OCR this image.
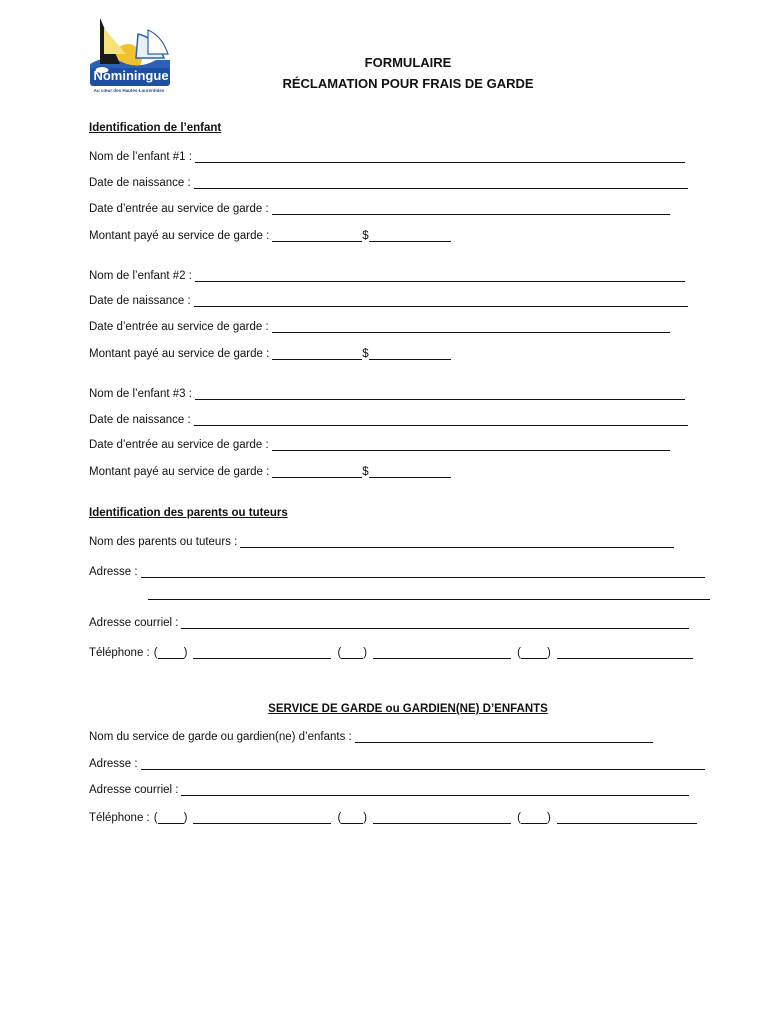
Nominingue
Au cœur des Hautes-Laurentides
FORMULAIRE
RÉCLAMATION POUR FRAIS DE GARDE
Identification de l’enfant
Nom de l’enfant #1 :
Date de naissance :
Date d’entrée au service de garde :
Montant payé au service de garde :	$
Nom de l’enfant #2 :
Date de naissance :
Date d’entrée au service de garde :
Montant payé au service de garde :	$
Nom de l’enfant #3 :
Date de naissance :
Date d’entrée au service de garde :
Montant payé au service de garde :	$
Identification des parents ou tuteurs
Nom des parents ou tuteurs :
Adresse :
Adresse courriel :
Téléphone : ( )	( )	( )
SERVICE DE GARDE ou GARDIEN(NE) D’ENFANTS
Nom du service de garde ou gardien(ne) d’enfants :
Adresse :
Adresse courriel :
Téléphone : ( )	( )	( )
